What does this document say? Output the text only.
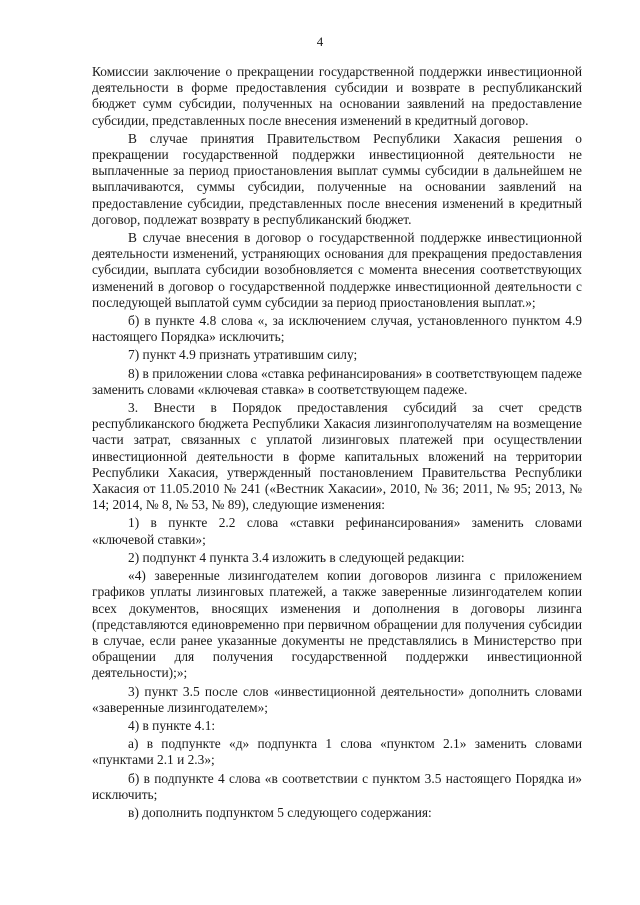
4

Комиссии заключение о прекращении государственной поддержки инвестиционной деятельности в форме предоставления субсидии и возврате в республиканский бюджет сумм субсидии, полученных на основании заявлений на предоставление субсидии, представленных после внесения изменений в кредитный договор.

В случае принятия Правительством Республики Хакасия решения о прекращении государственной поддержки инвестиционной деятельности не выплаченные за период приостановления выплат суммы субсидии в дальнейшем не выплачиваются, суммы субсидии, полученные на основании заявлений на предоставление субсидии, представленных после внесения изменений в кредитный договор, подлежат возврату в республиканский бюджет.

В случае внесения в договор о государственной поддержке инвестиционной деятельности изменений, устраняющих основания для прекращения предоставления субсидии, выплата субсидии возобновляется с момента внесения соответствующих изменений в договор о государственной поддержке инвестиционной деятельности с последующей выплатой сумм субсидии за период приостановления выплат.»;

б) в пункте 4.8 слова «, за исключением случая, установленного пунктом 4.9 настоящего Порядка» исключить;

7) пункт 4.9 признать утратившим силу;

8) в приложении слова «ставка рефинансирования» в соответствующем падеже заменить словами «ключевая ставка» в соответствующем падеже.

3. Внести в Порядок предоставления субсидий за счет средств республиканского бюджета Республики Хакасия лизингополучателям на возмещение части затрат, связанных с уплатой лизинговых платежей при осуществлении инвестиционной деятельности в форме капитальных вложений на территории Республики Хакасия, утвержденный постановлением Правительства Республики Хакасия от 11.05.2010 № 241 («Вестник Хакасии», 2010, № 36; 2011, № 95; 2013, № 14; 2014, № 8, № 53, № 89), следующие изменения:

1) в пункте 2.2 слова «ставки рефинансирования» заменить словами «ключевой ставки»;

2) подпункт 4 пункта 3.4 изложить в следующей редакции:

«4) заверенные лизингодателем копии договоров лизинга с приложением графиков уплаты лизинговых платежей, а также заверенные лизингодателем копии всех документов, вносящих изменения и дополнения в договоры лизинга (представляются единовременно при первичном обращении для получения субсидии в случае, если ранее указанные документы не представлялись в Министерство при обращении для получения государственной поддержки инвестиционной деятельности);»;

3) пункт 3.5 после слов «инвестиционной деятельности» дополнить словами «заверенные лизингодателем»;

4) в пункте 4.1:

а) в подпункте «д» подпункта 1 слова «пунктом 2.1» заменить словами «пунктами 2.1 и 2.3»;

б) в подпункте 4 слова «в соответствии с пунктом 3.5 настоящего Порядка и» исключить;

в) дополнить подпунктом 5 следующего содержания:
